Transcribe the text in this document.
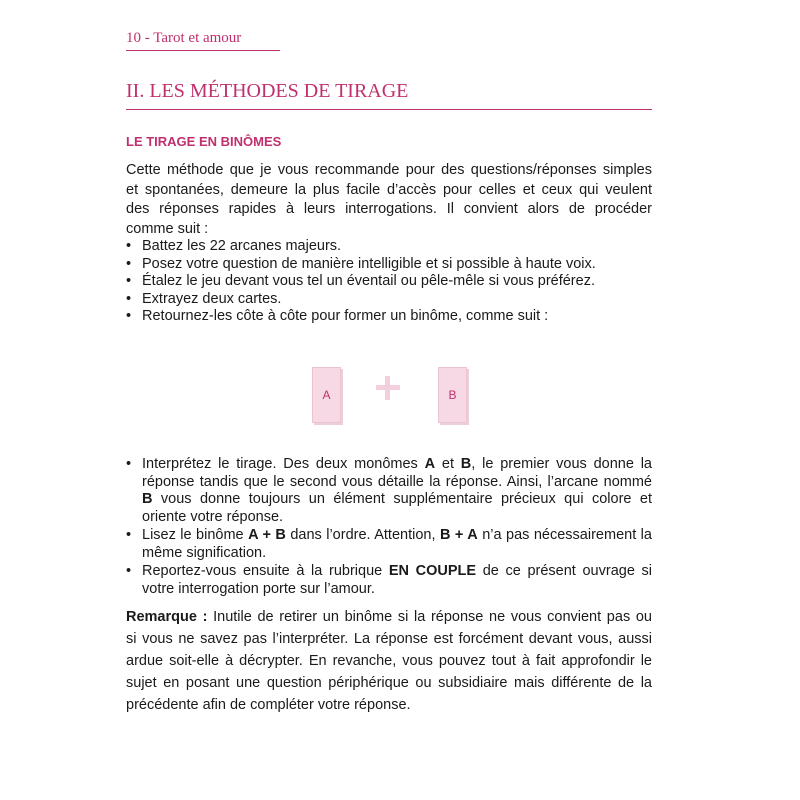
10 - Tarot et amour
II. LES MÉTHODES DE TIRAGE
LE TIRAGE EN BINÔMES
Cette méthode que je vous recommande pour des questions/réponses simples
et spontanées, demeure la plus facile d’accès pour celles et ceux qui veulent
des réponses rapides à leurs interrogations. Il convient alors de procéder
comme suit :
• Battez les 22 arcanes majeurs.
• Posez votre question de manière intelligible et si possible à haute voix.
• Étalez le jeu devant vous tel un éventail ou pêle-mêle si vous préférez.
• Extrayez deux cartes.
• Retournez-les côte à côte pour former un binôme, comme suit :
A	B
• Interprétez le tirage. Des deux monômes A et B, le premier vous donne la réponse tandis que le second vous détaille la réponse. Ainsi, l’arcane nommé B vous donne toujours un élément supplémentaire précieux qui colore et oriente votre réponse.
• Lisez le binôme A + B dans l’ordre. Attention, B + A n’a pas nécessairement la même signification.
• Reportez-vous ensuite à la rubrique EN COUPLE de ce présent ouvrage si votre interrogation porte sur l’amour.
Remarque : Inutile de retirer un binôme si la réponse ne vous convient pas ou
si vous ne savez pas l’interpréter. La réponse est forcément devant vous, aussi
ardue soit-elle à décrypter. En revanche, vous pouvez tout à fait approfondir le
sujet en posant une question périphérique ou subsidiaire mais différente de la
précédente afin de compléter votre réponse.
